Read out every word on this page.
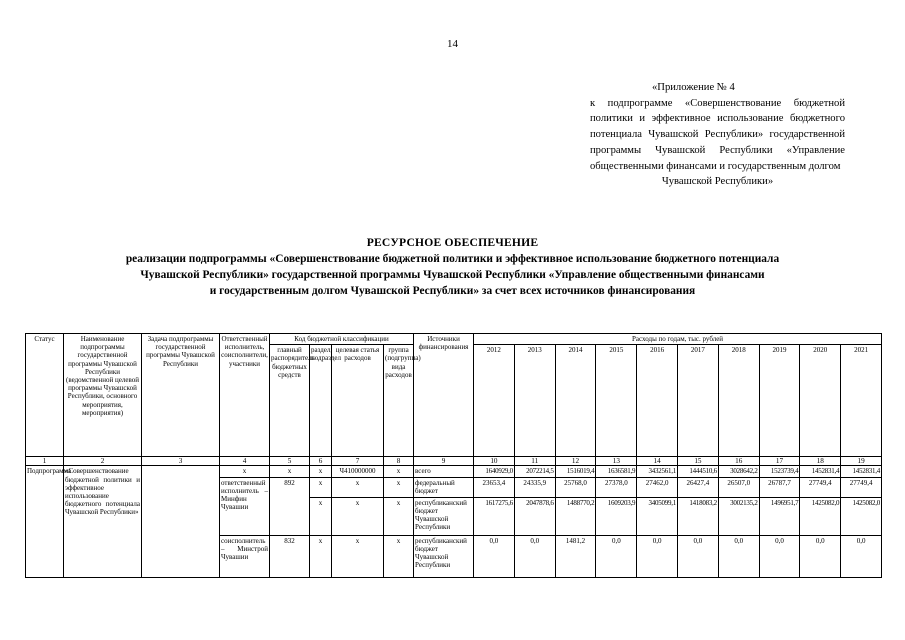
14
«Приложение № 4
к подпрограмме «Совершенствование бюджетной политики и эффективное использование бюджетного потенциала Чувашской Республики» государственной программы Чувашской Республики «Управление общественными финансами и государственным долгом
Чувашской Республики»
РЕСУРСНОЕ ОБЕСПЕЧЕНИЕ
реализации подпрограммы «Совершенствование бюджетной политики и эффективное использование бюджетного потенциала
Чувашской Республики» государственной программы Чувашской Республики «Управление общественными финансами
и государственным долгом Чувашской Республики» за счет всех источников финансирования
Статус	Наименование подпрограммы государственной программы Чувашской Республики (ведомственной целевой программы Чувашской Республики, основного мероприятия, мероприятия)	Задача подпрограммы государственной программы Чувашской Республики	Ответственный исполнитель, соисполнители, участники	Код бюджетной классификации				Источники финансирования	Расходы по годам, тыс. рублей									
				главный распорядитель бюджетных средств	раздел, подраздел	целевая статья расходов	группа (подгруппа) вида расходов		2012	2013	2014	2015	2016	2017	2018	2019	2020	2021
1	2	3	4	5	6	7	8	9	10	11	12	13	14	15	16	17	18	19
Подпрограмма	«Совершенствование бюджетной политики и эффективное использование бюджетного потенциала Чувашской Республики»		x	x	x	Ч410000000	x	всего	1640929,0	2072214,5	1516019,4	1636581,9	3432561,1	1444510,6	3028642,2	1523739,4	1452831,4	1452831,4
			ответственный исполнитель – Минфин Чувашии	892	x	x	x	федеральный бюджет	23653,4	24335,9	25768,0	27378,0	27462,0	26427,4	26507,0	26787,7	27749,4	27749,4
					x	x	x	республиканский бюджет Чувашской Республики	1617275,6	2047878,6	1488770,2	1609203,9	3405099,1	1418083,2	3002135,2	1496951,7	1425082,0	1425082,0
			соисполнитель – Минстрой Чувашии	832	x	x	x	республиканский бюджет Чувашской Республики	0,0	0,0	1481,2	0,0	0,0	0,0	0,0	0,0	0,0	0,0
